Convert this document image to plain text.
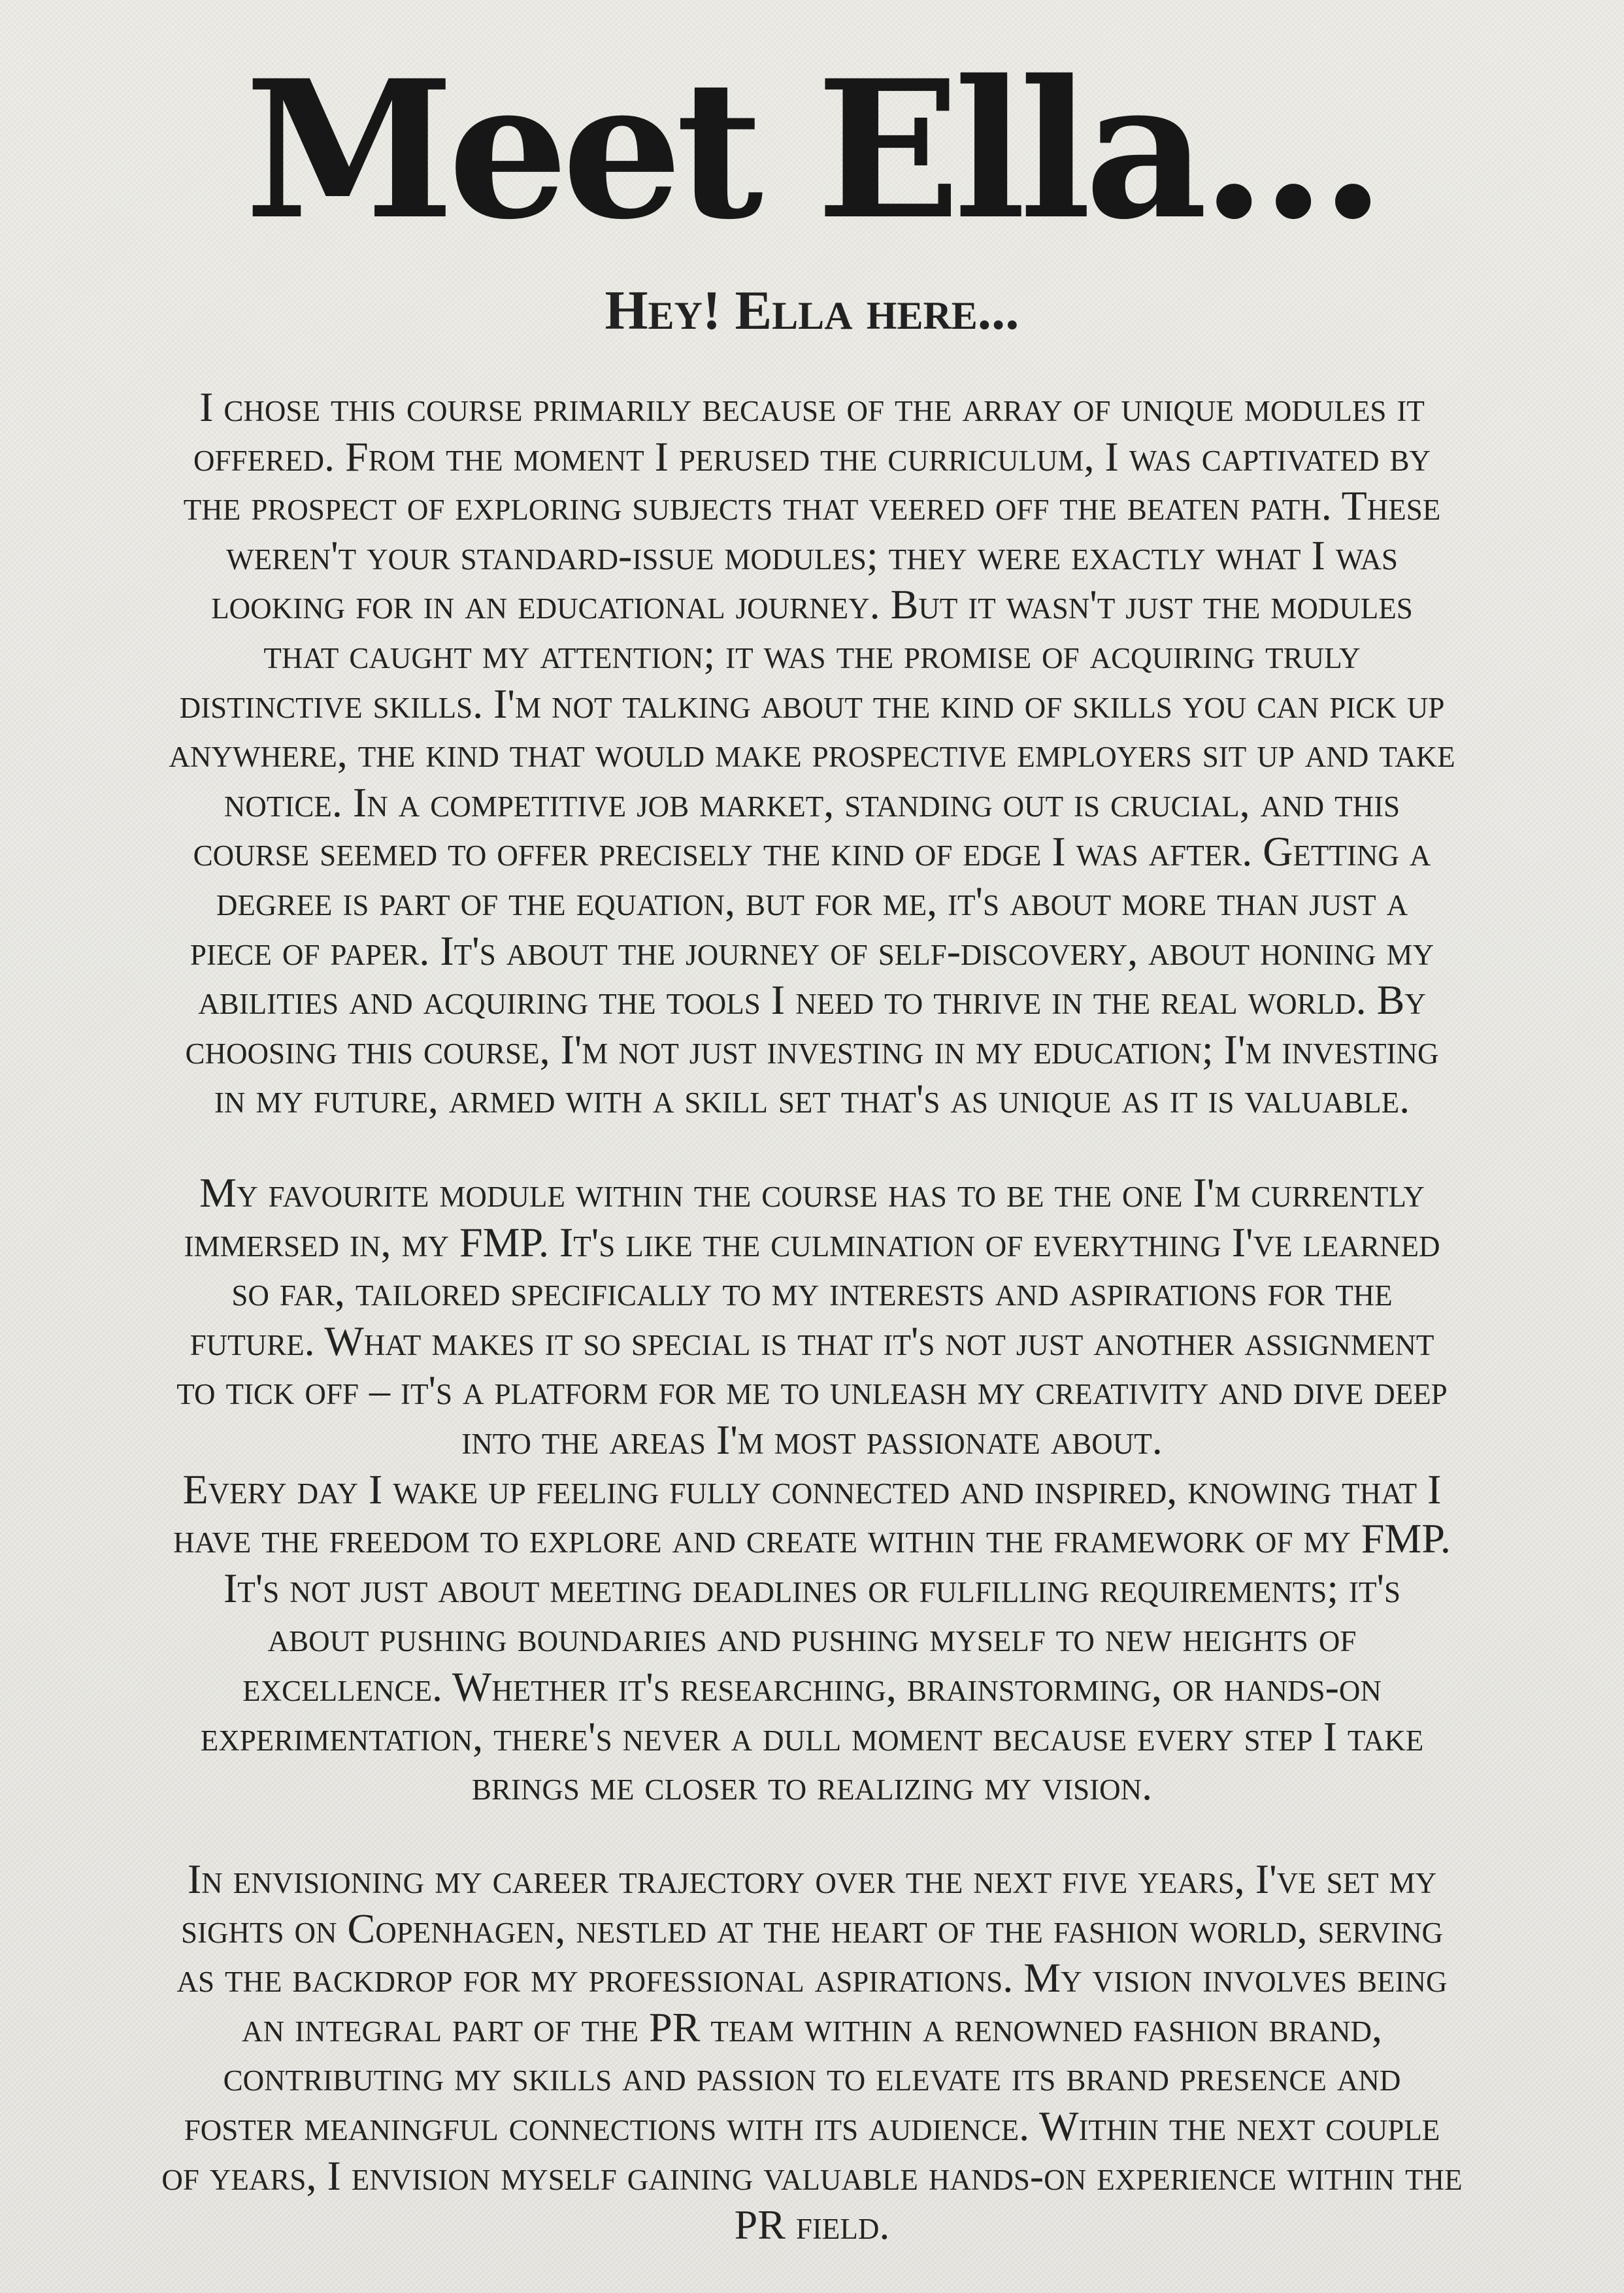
Meet Ella...
Hey! Ella here...

I chose this course primarily because of the array of unique modules it
offered. From the moment I perused the curriculum, I was captivated by
the prospect of exploring subjects that veered off the beaten path. These
weren't your standard-issue modules; they were exactly what I was
looking for in an educational journey. But it wasn't just the modules
that caught my attention; it was the promise of acquiring truly
distinctive skills. I'm not talking about the kind of skills you can pick up
anywhere, the kind that would make prospective employers sit up and take
notice. In a competitive job market, standing out is crucial, and this
course seemed to offer precisely the kind of edge I was after. Getting a
degree is part of the equation, but for me, it's about more than just a
piece of paper. It's about the journey of self-discovery, about honing my
abilities and acquiring the tools I need to thrive in the real world. By
choosing this course, I'm not just investing in my education; I'm investing
in my future, armed with a skill set that's as unique as it is valuable.

My favourite module within the course has to be the one I'm currently
immersed in, my FMP. It's like the culmination of everything I've learned
so far, tailored specifically to my interests and aspirations for the
future. What makes it so special is that it's not just another assignment
to tick off – it's a platform for me to unleash my creativity and dive deep
into the areas I'm most passionate about.
Every day I wake up feeling fully connected and inspired, knowing that I
have the freedom to explore and create within the framework of my FMP.
It's not just about meeting deadlines or fulfilling requirements; it's
about pushing boundaries and pushing myself to new heights of
excellence. Whether it's researching, brainstorming, or hands-on
experimentation, there's never a dull moment because every step I take
brings me closer to realizing my vision.

In envisioning my career trajectory over the next five years, I've set my
sights on Copenhagen, nestled at the heart of the fashion world, serving
as the backdrop for my professional aspirations. My vision involves being
an integral part of the PR team within a renowned fashion brand,
contributing my skills and passion to elevate its brand presence and
foster meaningful connections with its audience. Within the next couple
of years, I envision myself gaining valuable hands-on experience within the
PR field.
